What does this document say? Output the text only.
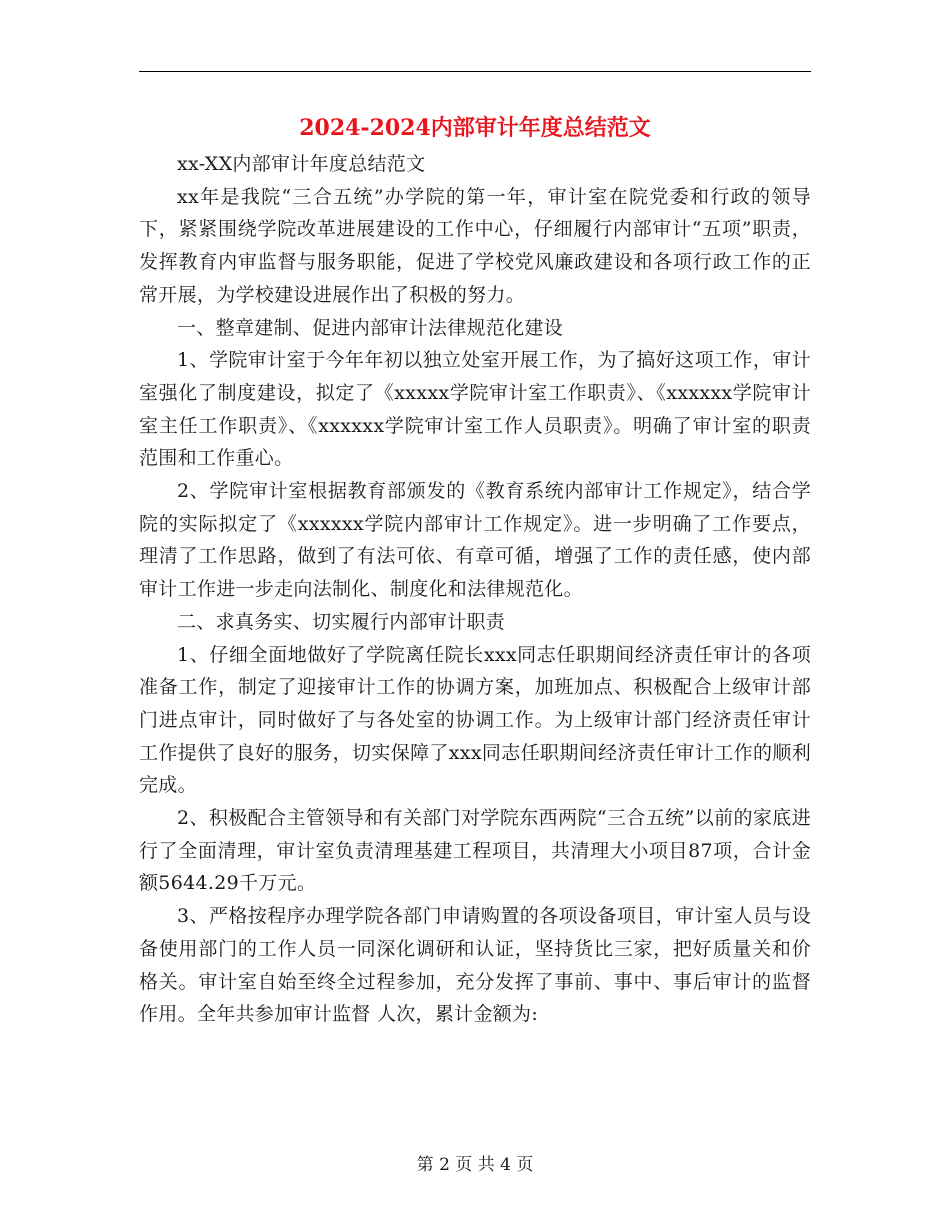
2024-2024内部审计年度总结范文

xx-XX内部审计年度总结范文

xx年是我院“三合五统”办学院的第一年，审计室在院党委和行政的领导下，紧紧围绕学院改革进展建设的工作中心，仔细履行内部审计“五项”职责，发挥教育内审监督与服务职能，促进了学校党风廉政建设和各项行政工作的正常开展，为学校建设进展作出了积极的努力。

一、整章建制、促进内部审计法律规范化建设

1、学院审计室于今年年初以独立处室开展工作，为了搞好这项工作，审计室强化了制度建设，拟定了《xxxxx学院审计室工作职责》、《xxxxxx学院审计室主任工作职责》、《xxxxxx学院审计室工作人员职责》。明确了审计室的职责范围和工作重心。

2、学院审计室根据教育部颁发的《教育系统内部审计工作规定》，结合学院的实际拟定了《xxxxxx学院内部审计工作规定》。进一步明确了工作要点，理清了工作思路，做到了有法可依、有章可循，增强了工作的责任感，使内部审计工作进一步走向法制化、制度化和法律规范化。

二、求真务实、切实履行内部审计职责

1、仔细全面地做好了学院离任院长xxx同志任职期间经济责任审计的各项准备工作，制定了迎接审计工作的协调方案，加班加点、积极配合上级审计部门进点审计，同时做好了与各处室的协调工作。为上级审计部门经济责任审计工作提供了良好的服务，切实保障了xxx同志任职期间经济责任审计工作的顺利完成。

2、积极配合主管领导和有关部门对学院东西两院“三合五统”以前的家底进行了全面清理，审计室负责清理基建工程项目，共清理大小项目87项，合计金额5644.29千万元。

3、严格按程序办理学院各部门申请购置的各项设备项目，审计室人员与设备使用部门的工作人员一同深化调研和认证，坚持货比三家，把好质量关和价格关。审计室自始至终全过程参加，充分发挥了事前、事中、事后审计的监督作用。全年共参加审计监督 人次，累计金额为:

第 2 页 共 4 页
